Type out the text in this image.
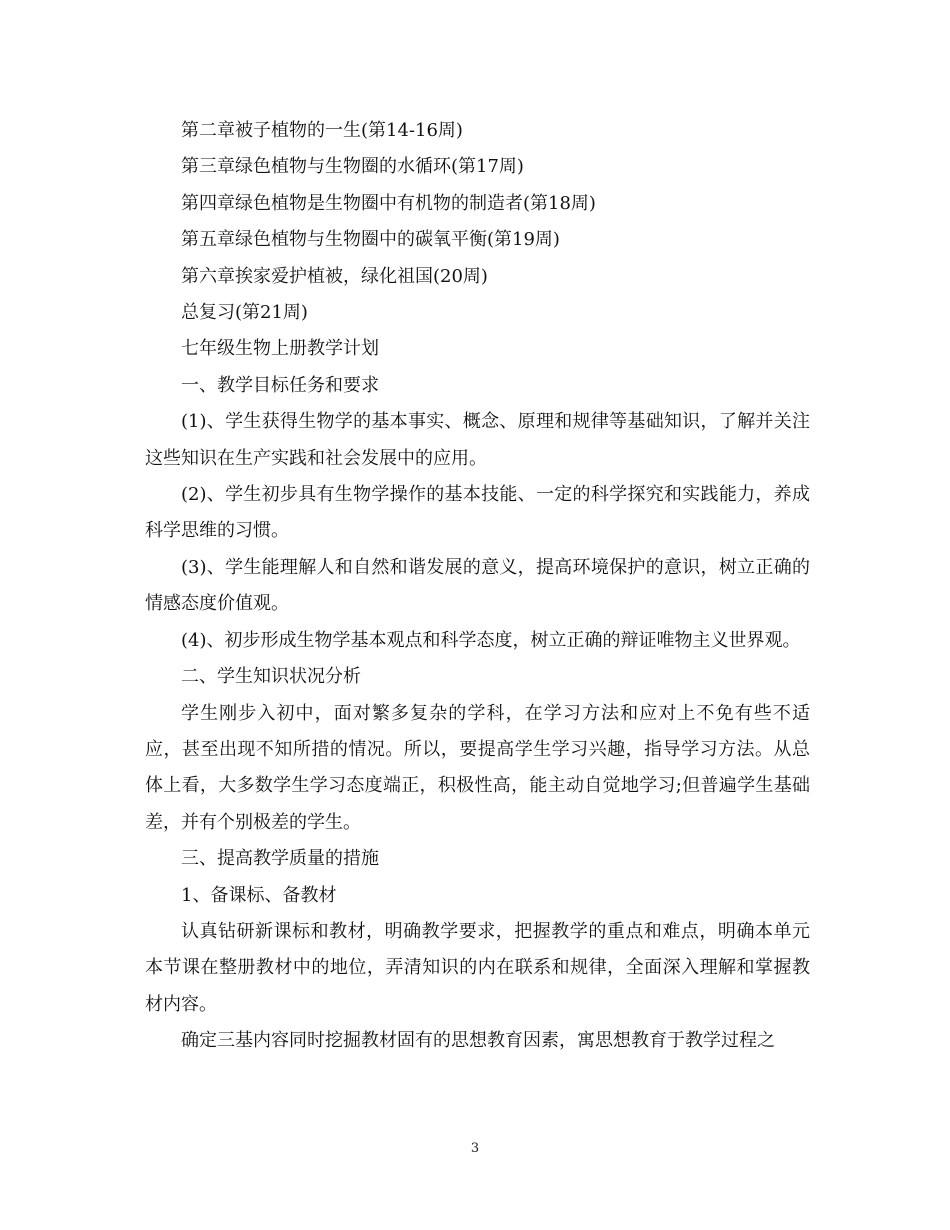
第二章被子植物的一生(第14-16周)

第三章绿色植物与生物圈的水循环(第17周)

第四章绿色植物是生物圈中有机物的制造者(第18周)

第五章绿色植物与生物圈中的碳氧平衡(第19周)

第六章挨家爱护植被，绿化祖国(20周)

总复习(第21周)

七年级生物上册教学计划

一、教学目标任务和要求

(1)、学生获得生物学的基本事实、概念、原理和规律等基础知识，了解并关注这些知识在生产实践和社会发展中的应用。

(2)、学生初步具有生物学操作的基本技能、一定的科学探究和实践能力，养成科学思维的习惯。

(3)、学生能理解人和自然和谐发展的意义，提高环境保护的意识，树立正确的情感态度价值观。

(4)、初步形成生物学基本观点和科学态度，树立正确的辩证唯物主义世界观。

二、学生知识状况分析

学生刚步入初中，面对繁多复杂的学科，在学习方法和应对上不免有些不适应，甚至出现不知所措的情况。所以，要提高学生学习兴趣，指导学习方法。从总体上看，大多数学生学习态度端正，积极性高，能主动自觉地学习;但普遍学生基础差，并有个别极差的学生。

三、提高教学质量的措施

1、备课标、备教材

认真钻研新课标和教材，明确教学要求，把握教学的重点和难点，明确本单元本节课在整册教材中的地位，弄清知识的内在联系和规律，全面深入理解和掌握教材内容。

确定三基内容同时挖掘教材固有的思想教育因素，寓思想教育于教学过程之

3
